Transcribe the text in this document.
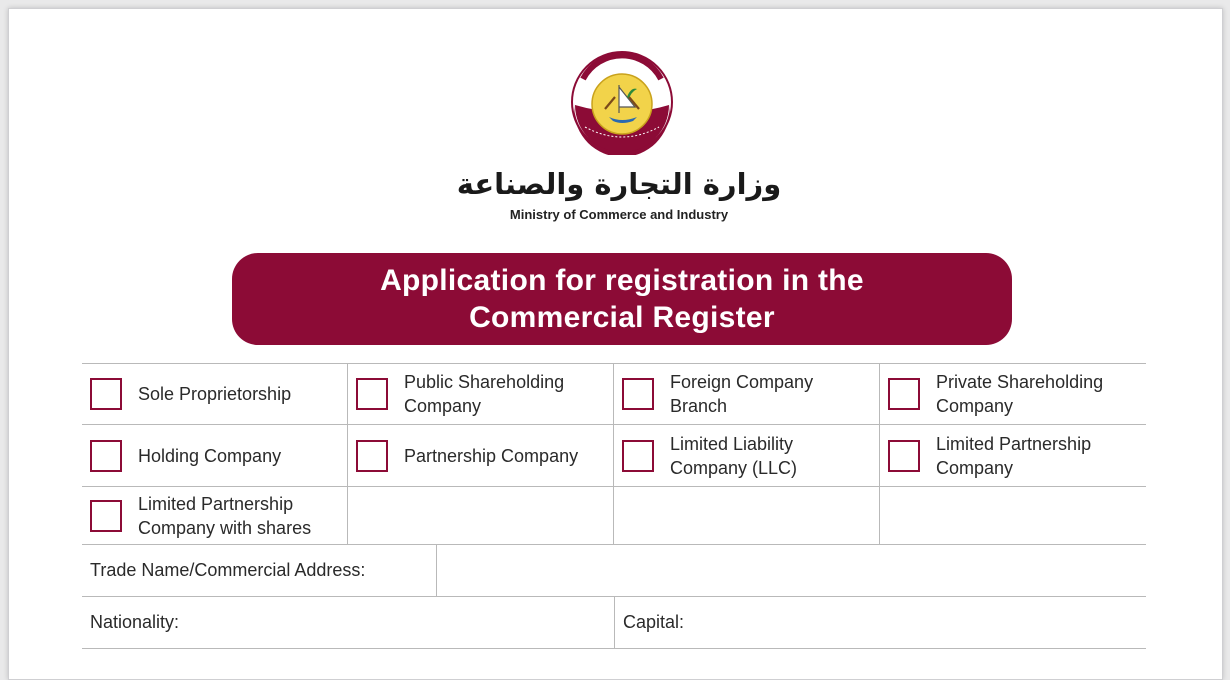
وزارة التجارة والصناعة
Ministry of Commerce and Industry
Application for registration in the Commercial Register
Sole Proprietorship
Public Shareholding Company
Foreign Company Branch
Private Shareholding Company
Holding Company	Partnership Company
Limited Liability Company (LLC)
Limited Partnership Company
Limited Partnership Company with shares
Trade Name/Commercial Address:
Nationality:	Capital:
